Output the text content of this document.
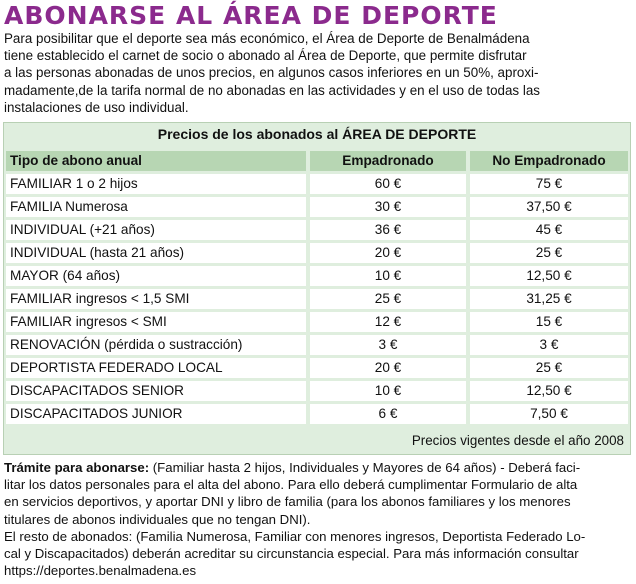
ABONARSE AL ÁREA DE DEPORTE
Para posibilitar que el deporte sea más económico, el Área de Deporte de Benalmádena
tiene establecido el carnet de socio o abonado al Área de Deporte, que permite disfrutar
a las personas abonadas de unos precios, en algunos casos inferiores en un 50%, aproxi-
madamente,de la tarifa normal de no abonadas en las actividades y en el uso de todas las
instalaciones de uso individual.
Precios de los abonados al ÁREA DE DEPORTE
Tipo de abono anual	Empadronado	No Empadronado
FAMILIAR 1 o 2 hijos	60 €	75 €
FAMILIA Numerosa	30 €	37,50 €
INDIVIDUAL (+21 años)	36 €	45 €
INDIVIDUAL (hasta 21 años)	20 €	25 €
MAYOR (64 años)	10 €	12,50 €
FAMILIAR ingresos < 1,5 SMI	25 €	31,25 €
FAMILIAR ingresos < SMI	12 €	15 €
RENOVACIÓN (pérdida o sustracción)	3 €	3 €
DEPORTISTA FEDERADO LOCAL	20 €	25 €
DISCAPACITADOS SENIOR	10 €	12,50 €
DISCAPACITADOS JUNIOR	6 €	7,50 €
Precios vigentes desde el año 2008
Trámite para abonarse: (Familiar hasta 2 hijos, Individuales y Mayores de 64 años) - Deberá faci-
litar los datos personales para el alta del abono. Para ello deberá cumplimentar Formulario de alta
en servicios deportivos, y aportar DNI y libro de familia (para los abonos familiares y los menores
titulares de abonos individuales que no tengan DNI).
El resto de abonados: (Familia Numerosa, Familiar con menores ingresos, Deportista Federado Lo-
cal y Discapacitados) deberán acreditar su circunstancia especial. Para más información consultar
https://deportes.benalmadena.es
